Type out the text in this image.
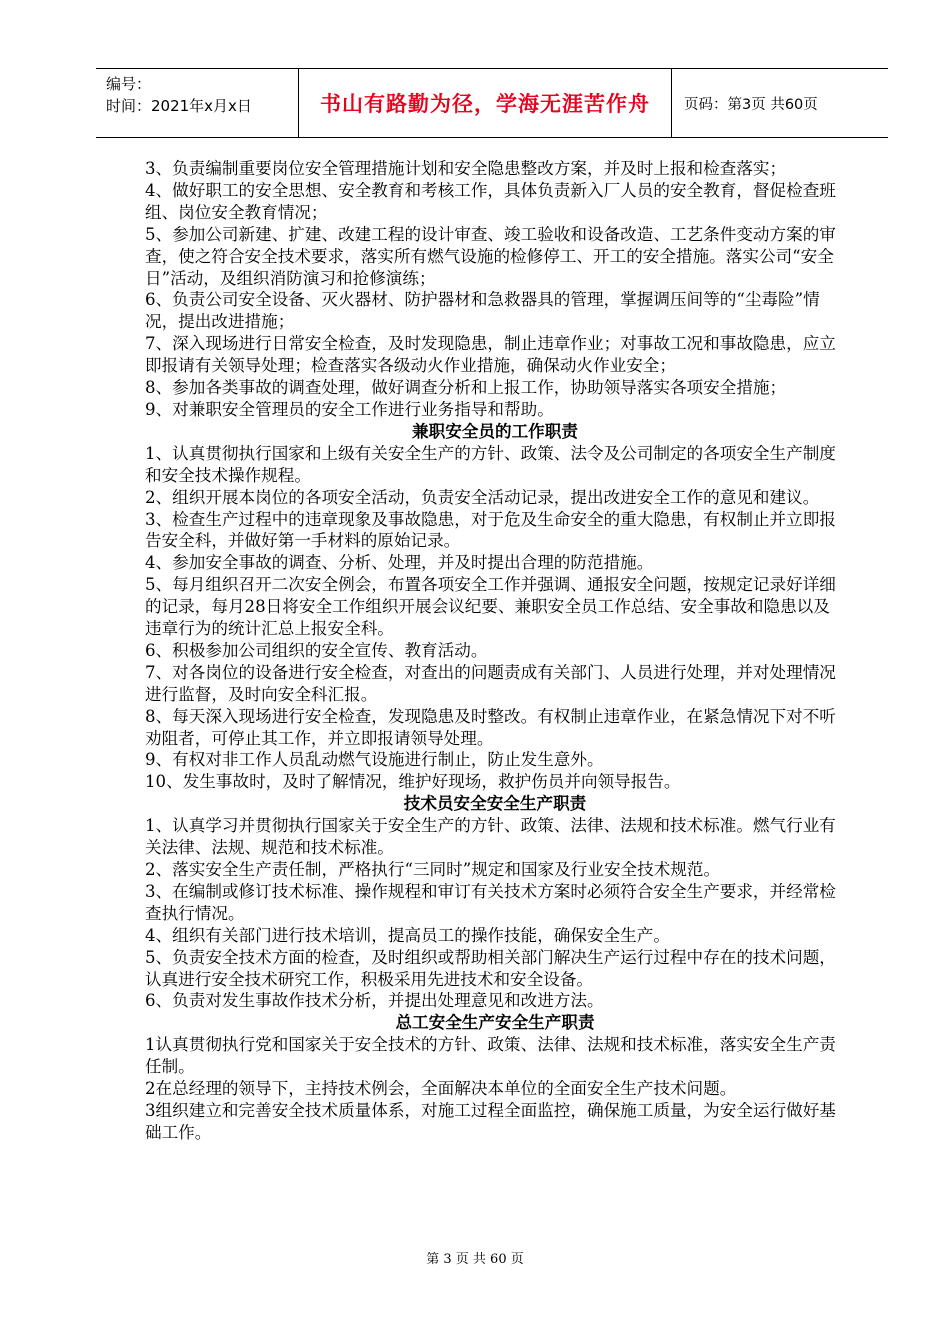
编号：
时间：2021年x月x日	书山有路勤为径，学海无涯苦作舟	页码：第3页 共60页

3、负责编制重要岗位安全管理措施计划和安全隐患整改方案，并及时上报和检查落实；

4、做好职工的安全思想、安全教育和考核工作，具体负责新入厂人员的安全教育，督促检查班组、岗位安全教育情况；

5、参加公司新建、扩建、改建工程的设计审查、竣工验收和设备改造、工艺条件变动方案的审查，使之符合安全技术要求，落实所有燃气设施的检修停工、开工的安全措施。落实公司“安全日”活动，及组织消防演习和抢修演练；

6、负责公司安全设备、灭火器材、防护器材和急救器具的管理，掌握调压间等的“尘毒险”情况，提出改进措施；

7、深入现场进行日常安全检查，及时发现隐患，制止违章作业；对事故工况和事故隐患，应立即报请有关领导处理；检查落实各级动火作业措施，确保动火作业安全；

8、参加各类事故的调查处理，做好调查分析和上报工作，协助领导落实各项安全措施；

9、对兼职安全管理员的安全工作进行业务指导和帮助。

兼职安全员的工作职责

1、认真贯彻执行国家和上级有关安全生产的方针、政策、法令及公司制定的各项安全生产制度和安全技术操作规程。

2、组织开展本岗位的各项安全活动，负责安全活动记录，提出改进安全工作的意见和建议。

3、检查生产过程中的违章现象及事故隐患，对于危及生命安全的重大隐患，有权制止并立即报告安全科，并做好第一手材料的原始记录。

4、参加安全事故的调查、分析、处理，并及时提出合理的防范措施。

5、每月组织召开二次安全例会，布置各项安全工作并强调、通报安全问题，按规定记录好详细的记录，每月28日将安全工作组织开展会议纪要、兼职安全员工作总结、安全事故和隐患以及违章行为的统计汇总上报安全科。

6、积极参加公司组织的安全宣传、教育活动。

7、对各岗位的设备进行安全检查，对查出的问题责成有关部门、人员进行处理，并对处理情况进行监督，及时向安全科汇报。

8、每天深入现场进行安全检查，发现隐患及时整改。有权制止违章作业，在紧急情况下对不听劝阻者，可停止其工作，并立即报请领导处理。

9、有权对非工作人员乱动燃气设施进行制止，防止发生意外。

10、发生事故时，及时了解情况，维护好现场，救护伤员并向领导报告。

技术员安全安全生产职责

1、认真学习并贯彻执行国家关于安全生产的方针、政策、法律、法规和技术标准。燃气行业有关法律、法规、规范和技术标准。

2、落实安全生产责任制，严格执行“三同时”规定和国家及行业安全技术规范。

3、在编制或修订技术标准、操作规程和审订有关技术方案时必须符合安全生产要求，并经常检查执行情况。

4、组织有关部门进行技术培训，提高员工的操作技能，确保安全生产。

5、负责安全技术方面的检查，及时组织或帮助相关部门解决生产运行过程中存在的技术问题，认真进行安全技术研究工作，积极采用先进技术和安全设备。

6、负责对发生事故作技术分析，并提出处理意见和改进方法。

总工安全生产安全生产职责

1认真贯彻执行党和国家关于安全技术的方针、政策、法律、法规和技术标准，落实安全生产责任制。

2在总经理的领导下，主持技术例会，全面解决本单位的全面安全生产技术问题。

3组织建立和完善安全技术质量体系，对施工过程全面监控，确保施工质量，为安全运行做好基础工作。

第 3 页 共 60 页
